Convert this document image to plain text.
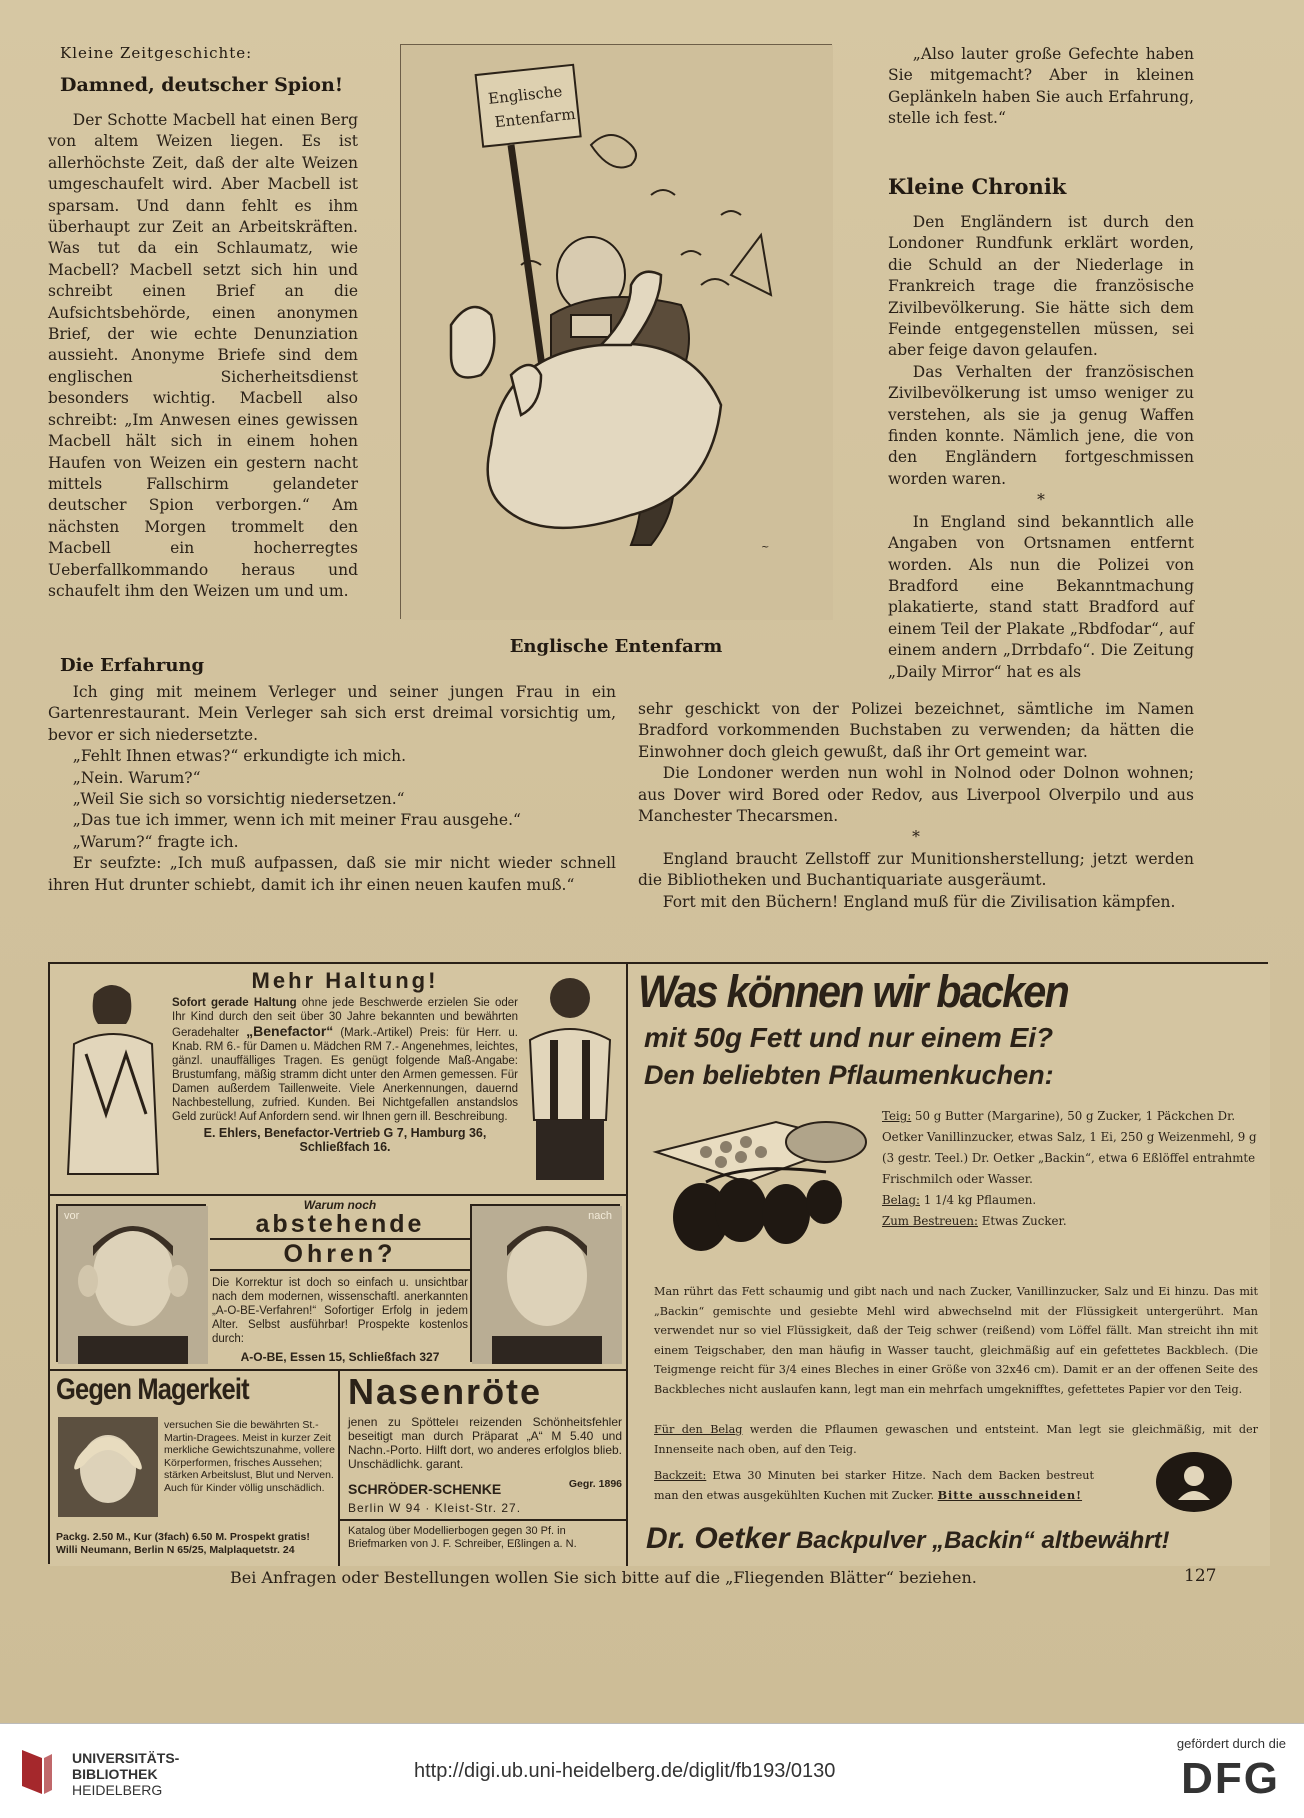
Kleine Zeitgeschichte:
Damned, deutscher Spion!

Der Schotte Macbell hat einen Berg von altem Weizen liegen. Es ist allerhöchste Zeit, daß der alte Weizen umgeschaufelt wird. Aber Macbell ist sparsam. Und dann fehlt es ihm überhaupt zur Zeit an Arbeitskräften. Was tut da ein Schlaumatz, wie Macbell? Macbell setzt sich hin und schreibt einen Brief an die Aufsichtsbehörde, einen anonymen Brief, der wie echte Denunziation aussieht. Anonyme Briefe sind dem englischen Sicherheitsdienst besonders wichtig. Macbell also schreibt: „Im Anwesen eines gewissen Macbell hält sich in einem hohen Haufen von Weizen ein gestern nacht mittels Fallschirm gelandeter deutscher Spion verborgen.“ Am nächsten Morgen trommelt den Macbell ein hocherregtes Ueberfallkommando heraus und schaufelt ihm den Weizen um und um.

Englische
Entenfarm
~
Englische Entenfarm
Die Erfahrung

Ich ging mit meinem Verleger und seiner jungen Frau in ein Gartenrestaurant. Mein Verleger sah sich erst dreimal vorsichtig um, bevor er sich niedersetzte.

„Fehlt Ihnen etwas?“ erkundigte ich mich.

„Nein. Warum?“

„Weil Sie sich so vorsichtig niedersetzen.“

„Das tue ich immer, wenn ich mit meiner Frau ausgehe.“

„Warum?“ fragte ich.

Er seufzte: „Ich muß aufpassen, daß sie mir nicht wieder schnell ihren Hut drunter schiebt, damit ich ihr einen neuen kaufen muß.“

„Also lauter große Gefechte haben Sie mitgemacht? Aber in kleinen Geplänkeln haben Sie auch Erfahrung, stelle ich fest.“

Kleine Chronik

Den Engländern ist durch den Londoner Rundfunk erklärt worden, die Schuld an der Niederlage in Frankreich trage die französische Zivilbevölkerung. Sie hätte sich dem Feinde entgegenstellen müssen, sei aber feige davon gelaufen.

Das Verhalten der französischen Zivilbevölkerung ist umso weniger zu verstehen, als sie ja genug Waffen finden konnte. Nämlich jene, die von den Engländern fortgeschmissen worden waren.

*

In England sind bekanntlich alle Angaben von Ortsnamen entfernt worden. Als nun die Polizei von Bradford eine Bekanntmachung plakatierte, stand statt Bradford auf einem Teil der Plakate „Rbdfodar“, auf einem andern „Drrbdafo“. Die Zeitung „Daily Mirror“ hat es als

sehr geschickt von der Polizei bezeichnet, sämtliche im Namen Bradford vorkommenden Buchstaben zu verwenden; da hätten die Einwohner doch gleich gewußt, daß ihr Ort gemeint war.

Die Londoner werden nun wohl in Nolnod oder Dolnon wohnen; aus Dover wird Bored oder Redov, aus Liverpool Olverpilo und aus Manchester Thecarsmen.

*

England braucht Zellstoff zur Munitionsherstellung; jetzt werden die Bibliotheken und Buchantiquariate ausgeräumt.

Fort mit den Büchern! England muß für die Zivilisation kämpfen.

Mehr Haltung!
Sofort gerade Haltung ohne jede Beschwerde erzielen Sie oder Ihr Kind durch den seit über 30 Jahre bekannten und bewährten Geradehalter „Benefactor“ (Mark.-Artikel) Preis: für Herr. u. Knab. RM 6.- für Damen u. Mädchen RM 7.- Angenehmes, leichtes, gänzl. unauffälliges Tragen. Es genügt folgende Maß-Angabe: Brustumfang, mäßig stramm dicht unter den Armen gemessen. Für Damen außerdem Taillenweite. Viele Anerkennungen, dauernd Nachbestellung, zufried. Kunden. Bei Nichtgefallen anstandslos Geld zurück! Auf Anfordern send. wir Ihnen gern ill. Beschreibung.
E. Ehlers, Benefactor-Vertrieb G 7, Hamburg 36, Schließfach 16.
vor	nach
Warum noch
abstehende
Ohren?
Die Korrektur ist doch so einfach u. unsichtbar nach dem modernen, wissenschaftl. anerkannten „A-O-BE-Verfahren!“ Sofortiger Erfolg in jedem Alter. Selbst ausführbar! Prospekte kostenlos durch:
A-O-BE, Essen 15, Schließfach 327
Gegen Magerkeit
versuchen Sie die bewährten St.-Martin-Dragees. Meist in kurzer Zeit merkliche Gewichtszunahme, vollere Körperformen, frisches Aussehen; stärken Arbeitslust, Blut und Nerven. Auch für Kinder völlig unschädlich.
Packg. 2.50 M., Kur (3fach) 6.50 M. Prospekt gratis!
Willi Neumann, Berlin N 65/25, Malplaquetstr. 24
Nasenröte
jenen zu Spötteleı reizenden Schönheitsfehler beseitigt man durch Präparat „A“ M 5.40 und Nachn.-Porto. Hilft dort, wo anderes erfolglos blieb. Unschädlichk. garant.
SCHRÖDER-SCHENKE	Gegr. 1896
Berlin W 94 · Kleist-Str. 27.
Katalog über Modellierbogen gegen 30 Pf. in Briefmarken von J. F. Schreiber, Eßlingen a. N.
Was können wir backen
mit 50g Fett und nur einem Ei?
Den beliebten Pflaumenkuchen:
Teig: 50 g Butter (Margarine), 50 g Zucker, 1 Päckchen Dr. Oetker Vanillinzucker, etwas Salz, 1 Ei, 250 g Weizenmehl, 9 g (3 gestr. Teel.) Dr. Oetker „Backin“, etwa 6 Eßlöffel entrahmte Frischmilch oder Wasser.
Belag: 1 1/4 kg Pflaumen.
Zum Bestreuen: Etwas Zucker.
Man rührt das Fett schaumig und gibt nach und nach Zucker, Vanillinzucker, Salz und Ei hinzu. Das mit „Backin“ gemischte und gesiebte Mehl wird abwechselnd mit der Flüssigkeit untergerührt. Man verwendet nur so viel Flüssigkeit, daß der Teig schwer (reißend) vom Löffel fällt. Man streicht ihn mit einem Teigschaber, den man häufig in Wasser taucht, gleichmäßig auf ein gefettetes Backblech. (Die Teigmenge reicht für 3/4 eines Bleches in einer Größe von 32x46 cm). Damit er an der offenen Seite des Backbleches nicht auslaufen kann, legt man ein mehrfach umgeknifftes, gefettetes Papier vor den Teig.
Für den Belag werden die Pflaumen gewaschen und entsteint. Man legt sie gleichmäßig, mit der Innenseite nach oben, auf den Teig.
Backzeit: Etwa 30 Minuten bei starker Hitze. Nach dem Backen bestreut man den etwas ausgekühlten Kuchen mit Zucker. Bitte ausschneiden!
Dr. Oetker Backpulver „Backin“ altbewährt!
Bei Anfragen oder Bestellungen wollen Sie sich bitte auf die „Fliegenden Blätter“ beziehen.	127
UNIVERSITÄTS-
BIBLIOTHEK
HEIDELBERG
http://digi.ub.uni-heidelberg.de/diglit/fb193/0130
gefördert durch die
DFG
